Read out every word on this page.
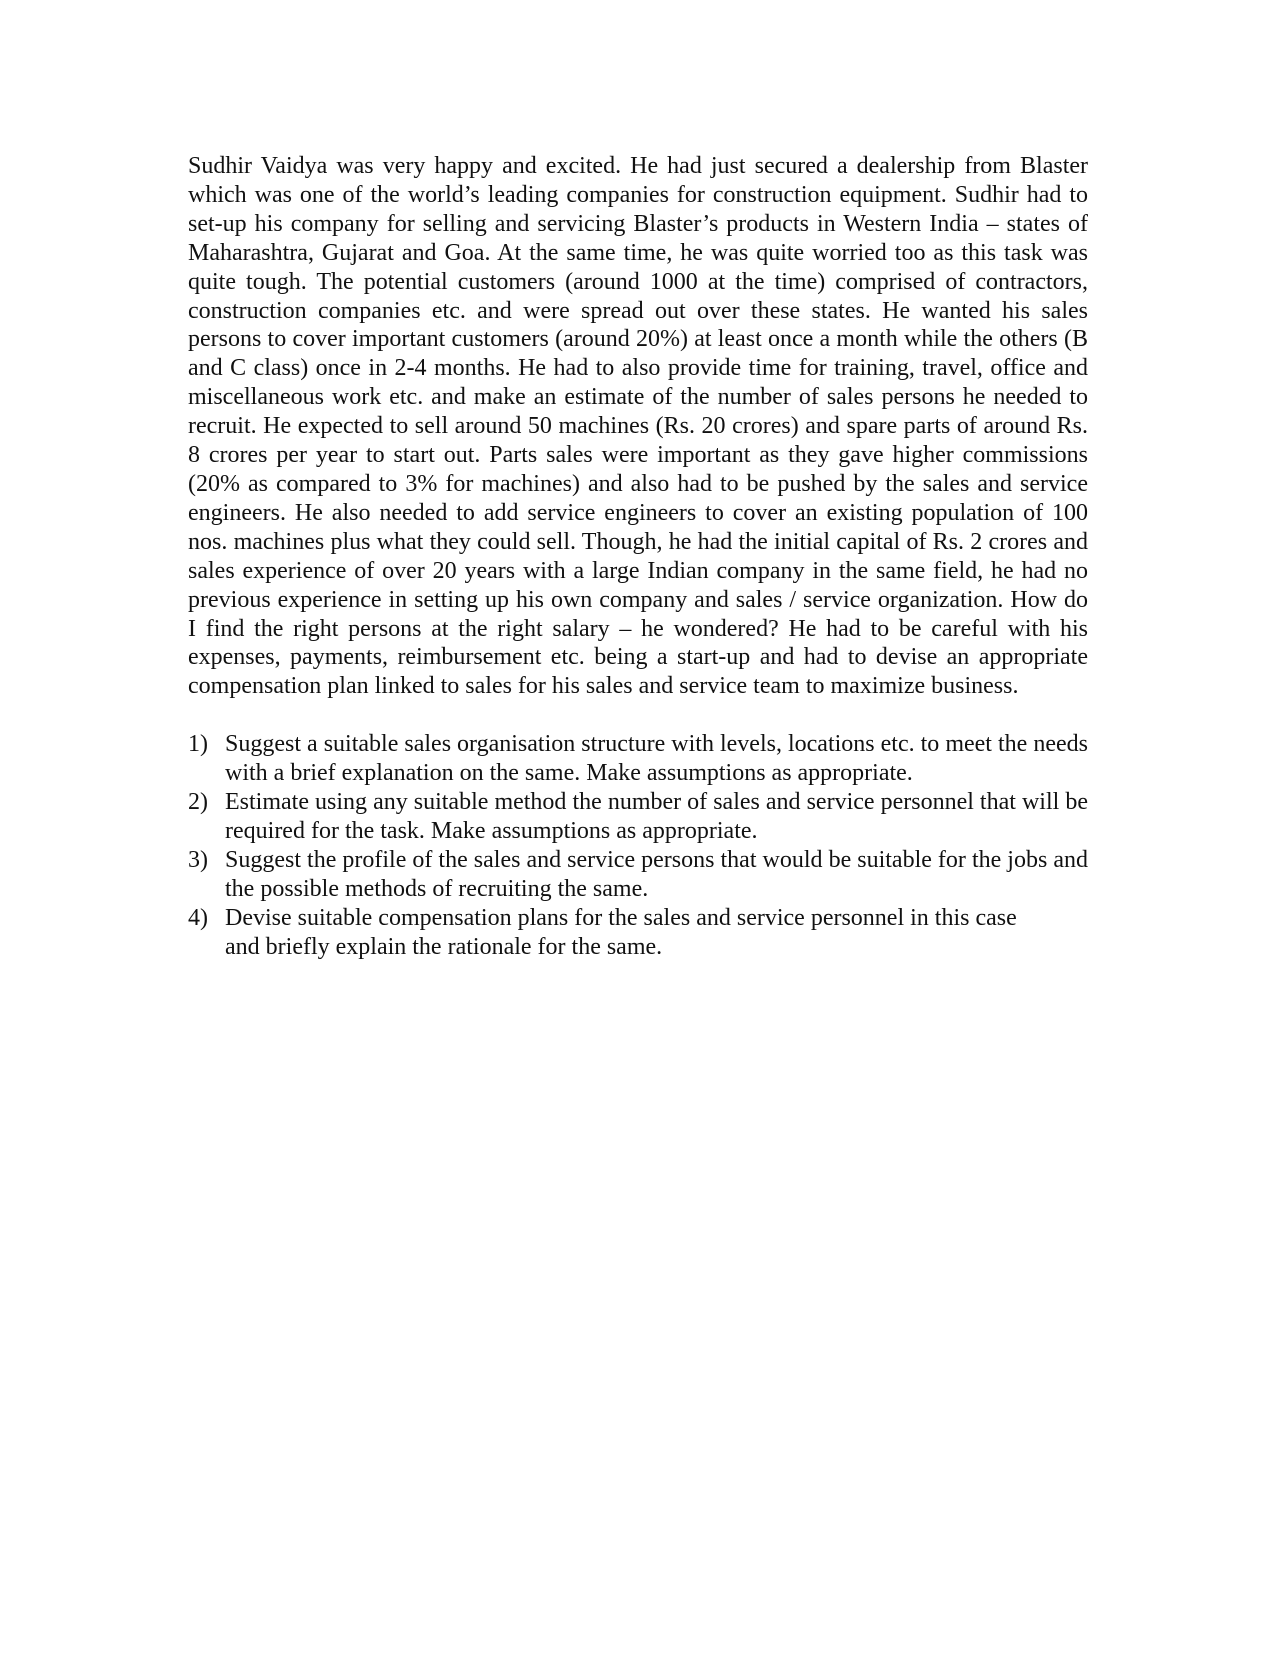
Sudhir Vaidya was very happy and excited. He had just secured a dealership from Blaster which was one of the world’s leading companies for construction equipment. Sudhir had to set-up his company for selling and servicing Blaster’s products in Western India – states of Maharashtra, Gujarat and Goa. At the same time, he was quite worried too as this task was quite tough. The potential customers (around 1000 at the time) comprised of contractors, construction companies etc. and were spread out over these states. He wanted his sales persons to cover important customers (around 20%) at least once a month while the others (B and C class) once in 2-4 months. He had to also provide time for training, travel, office and miscellaneous work etc. and make an estimate of the number of sales persons he needed to recruit. He expected to sell around 50 machines (Rs. 20 crores) and spare parts of around Rs. 8 crores per year to start out. Parts sales were important as they gave higher commissions (20% as compared to 3% for machines) and also had to be pushed by the sales and service engineers. He also needed to add service engineers to cover an existing population of 100 nos. machines plus what they could sell. Though, he had the initial capital of Rs. 2 crores and sales experience of over 20 years with a large Indian company in the same field, he had no previous experience in setting up his own company and sales / service organization. How do I find the right persons at the right salary – he wondered? He had to be careful with his expenses, payments, reimbursement etc. being a start-up and had to devise an appropriate compensation plan linked to sales for his sales and service team to maximize business.

1) Suggest a suitable sales organisation structure with levels, locations etc. to meet the needs with a brief explanation on the same. Make assumptions as appropriate.
2) Estimate using any suitable method the number of sales and service personnel that will be required for the task. Make assumptions as appropriate.
3) Suggest the profile of the sales and service persons that would be suitable for the jobs and the possible methods of recruiting the same.
4) Devise suitable compensation plans for the sales and service personnel in this case and briefly explain the rationale for the same.
